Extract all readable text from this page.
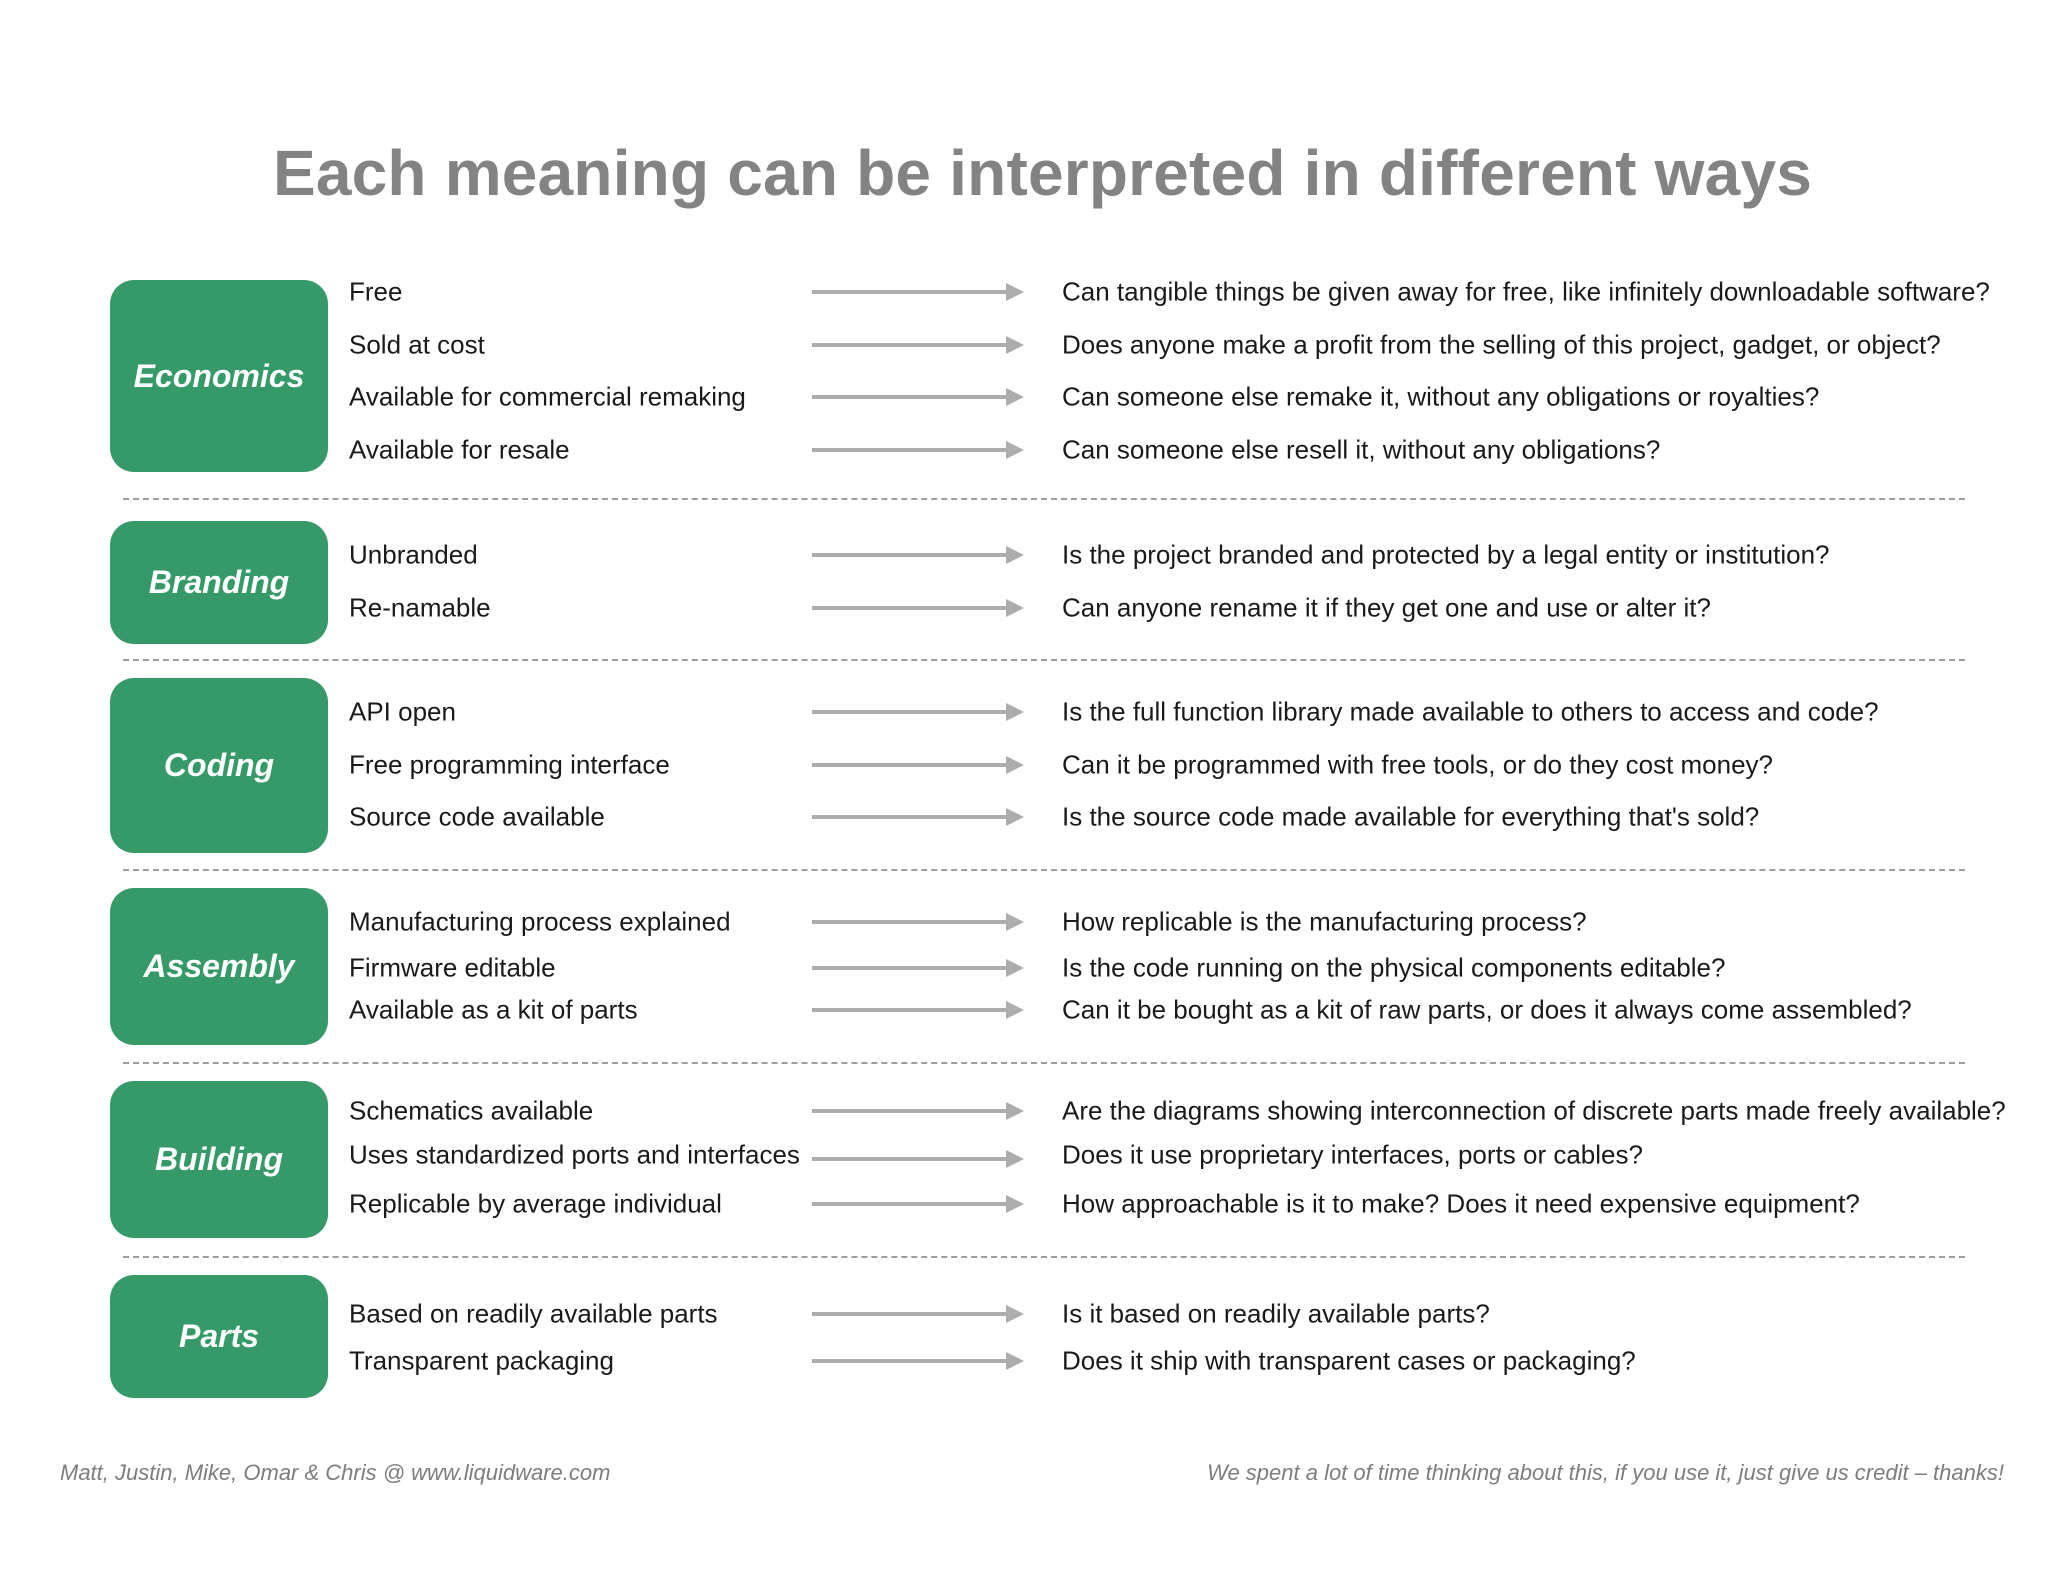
Each meaning can be interpreted in different ways
Economics
Free	Can tangible things be given away for free, like infinitely downloadable software?
Sold at cost	Does anyone make a profit from the selling of this project, gadget, or object?
Available for commercial remaking	Can someone else remake it, without any obligations or royalties?
Available for resale	Can someone else resell it, without any obligations?
Branding
Unbranded	Is the project branded and protected by a legal entity or institution?
Re-namable	Can anyone rename it if they get one and use or alter it?
Coding
API open	Is the full function library made available to others to access and code?
Free programming interface	Can it be programmed with free tools, or do they cost money?
Source code available	Is the source code made available for everything that's sold?
Assembly
Manufacturing process explained	How replicable is the manufacturing process?
Firmware editable	Is the code running on the physical components editable?
Available as a kit of parts	Can it be bought as a kit of raw parts, or does it always come assembled?
Building
Schematics available	Are the diagrams showing interconnection of discrete parts made freely available?
Uses standardized ports and interfaces	Does it use proprietary interfaces, ports or cables?
Replicable by average individual	How approachable is it to make? Does it need expensive equipment?
Parts
Based on readily available parts	Is it based on readily available parts?
Transparent packaging	Does it ship with transparent cases or packaging?
Matt, Justin, Mike, Omar & Chris @ www.liquidware.com	We spent a lot of time thinking about this, if you use it, just give us credit – thanks!
